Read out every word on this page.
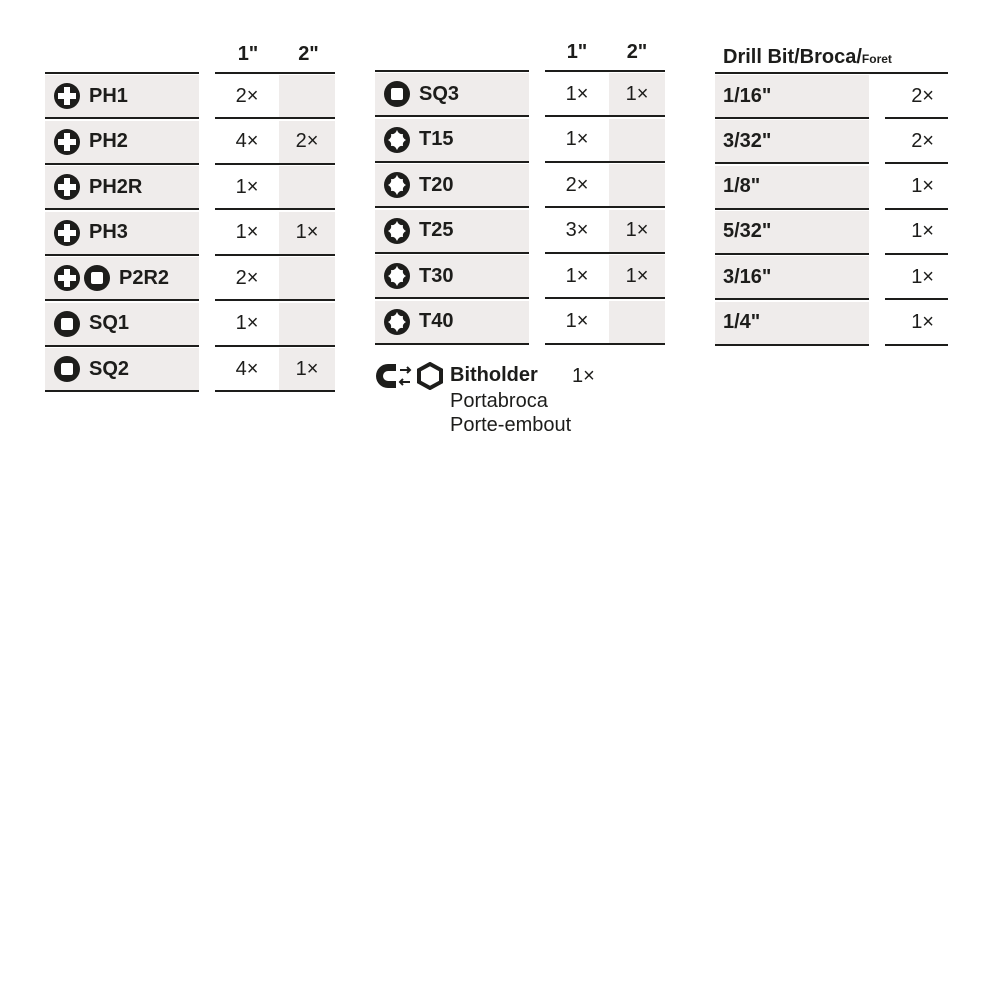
1"	2"
PH1	2×
PH2	4×	2×
PH2R	1×
PH3	1×	1×
P2R2	2×
SQ1	1×
SQ2	4×	1×
1"	2"
SQ3	1×	1×
T15	1×
T20	2×
T25	3×	1×
T30	1×	1×
T40	1×
Bitholder 1×
Portabroca
Porte-embout
Drill Bit/Broca/Foret
1/16"	2×
3/32"	2×
1/8"	1×
5/32"	1×
3/16"	1×
1/4"	1×
